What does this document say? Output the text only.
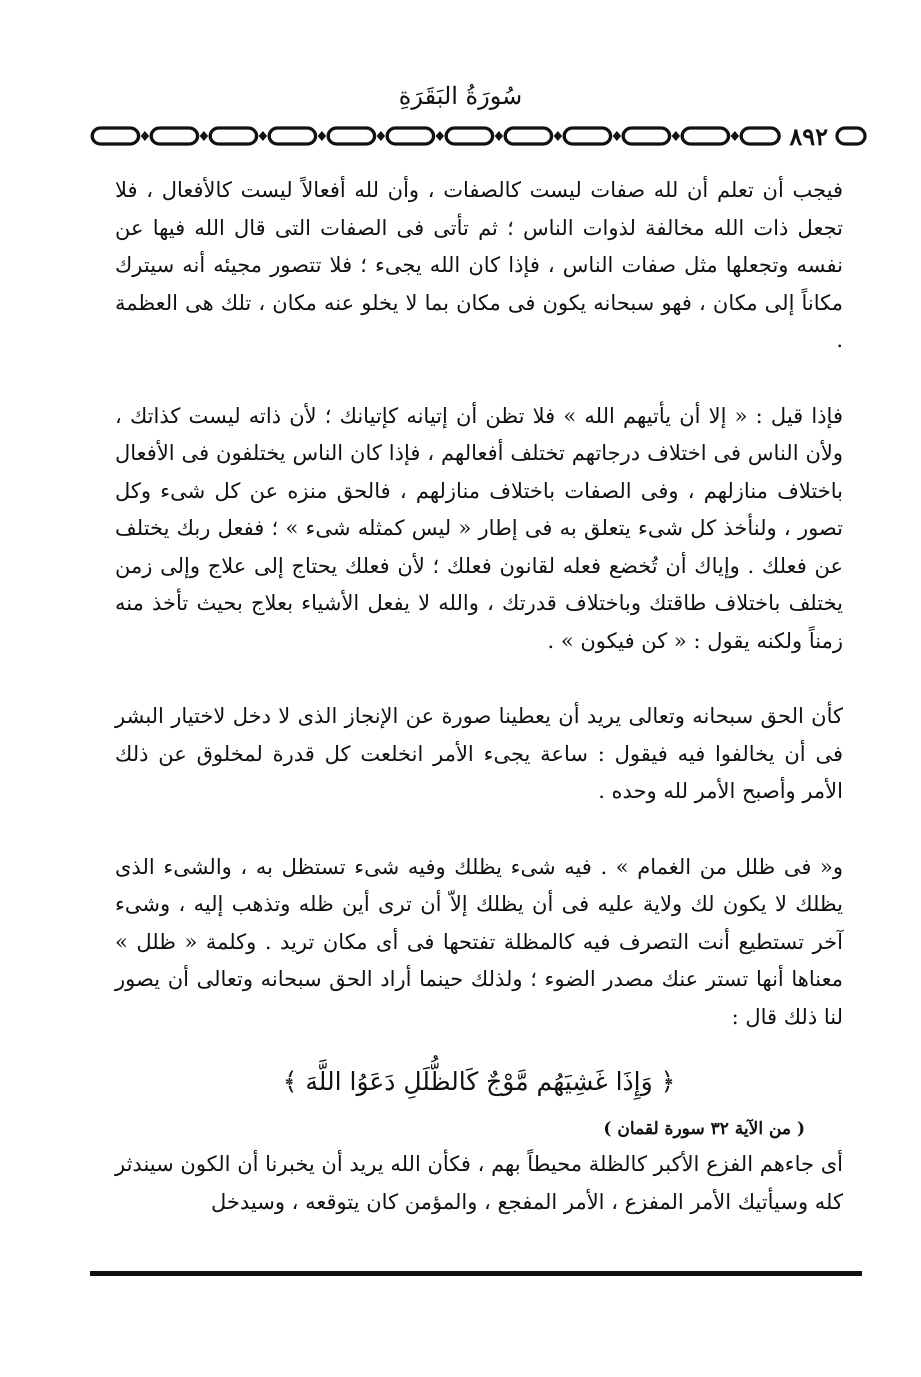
سُورَةُ البَقَرَةِ
٨٩٢

فيجب أن تعلم أن لله صفات ليست كالصفات ، وأن لله أفعالاً ليست كالأفعال ، فلا تجعل ذات الله مخالفة لذوات الناس ؛ ثم تأتى فى الصفات التى قال الله فيها عن نفسه وتجعلها مثل صفات الناس ، فإذا كان الله يجىء ؛ فلا تتصور مجيئه أنه سيترك مكاناً إلى مكان ، فهو سبحانه يكون فى مكان بما لا يخلو عنه مكان ، تلك هى العظمة .

فإذا قيل : « إلا أن يأتيهم الله » فلا تظن أن إتيانه كإتيانك ؛ لأن ذاته ليست كذاتك ، ولأن الناس فى اختلاف درجاتهم تختلف أفعالهم ، فإذا كان الناس يختلفون فى الأفعال باختلاف منازلهم ، وفى الصفات باختلاف منازلهم ، فالحق منزه عن كل شىء وكل تصور ، ولنأخذ كل شىء يتعلق به فى إطار « ليس كمثله شىء » ؛ ففعل ربك يختلف عن فعلك . وإياك أن تُخضع فعله لقانون فعلك ؛ لأن فعلك يحتاج إلى علاج وإلى زمن يختلف باختلاف طاقتك وباختلاف قدرتك ، والله لا يفعل الأشياء بعلاج بحيث تأخذ منه زمناً ولكنه يقول : « كن فيكون » .

كأن الحق سبحانه وتعالى يريد أن يعطينا صورة عن الإنجاز الذى لا دخل لاختيار البشر فى أن يخالفوا فيه فيقول : ساعة يجىء الأمر انخلعت كل قدرة لمخلوق عن ذلك الأمر وأصبح الأمر لله وحده .

و« فى ظلل من الغمام » . فيه شىء يظلك وفيه شىء تستظل به ، والشىء الذى يظلك لا يكون لك ولاية عليه فى أن يظلك إلاّ أن ترى أين ظله وتذهب إليه ، وشىء آخر تستطيع أنت التصرف فيه كالمظلة تفتحها فى أى مكان تريد . وكلمة « ظلل » معناها أنها تستر عنك مصدر الضوء ؛ ولذلك حينما أراد الحق سبحانه وتعالى أن يصور لنا ذلك قال :

﴿ وَإِذَا غَشِيَهُم مَّوْجٌ كَالظُّلَلِ دَعَوُا اللَّهَ ﴾
( من الآية ٣٢ سورة لقمان )

أى جاءهم الفزع الأكبر كالظلة محيطاً بهم ، فكأن الله يريد أن يخبرنا أن الكون سيندثر كله وسيأتيك الأمر المفزع ، الأمر المفجع ، والمؤمن كان يتوقعه ، وسيدخل
